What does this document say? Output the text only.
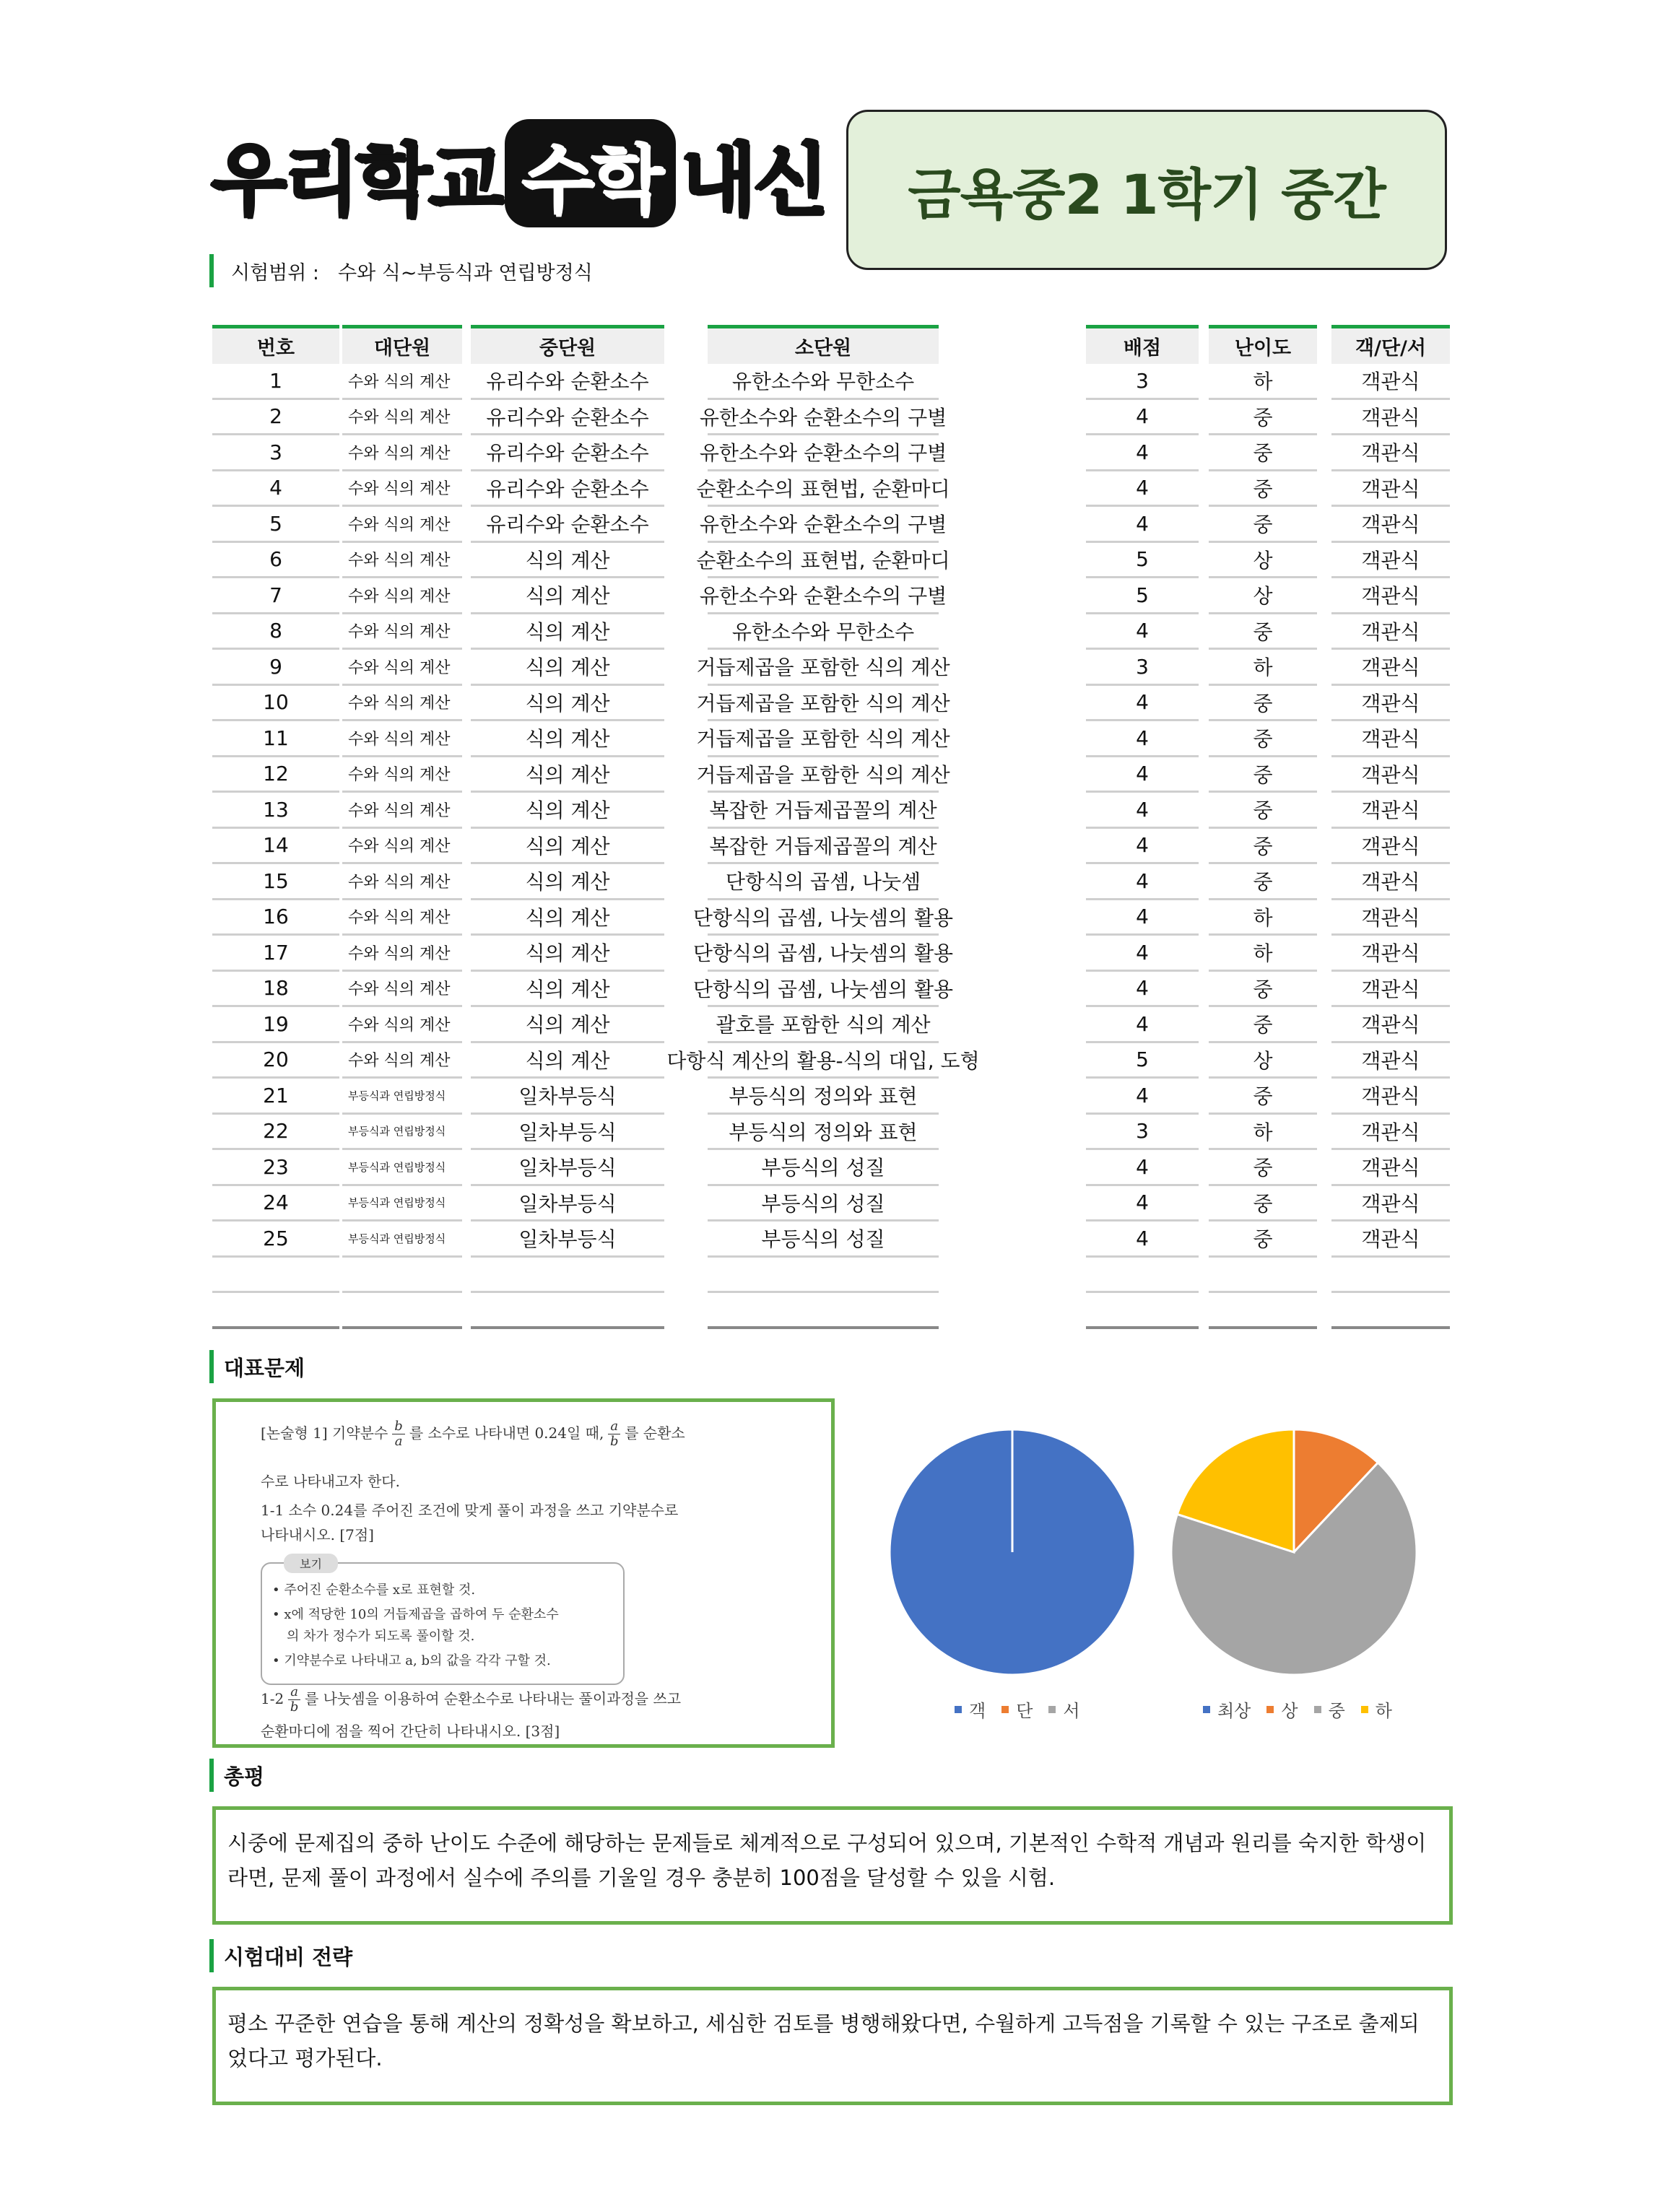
우리학교 수학 내신 금욕중2 1학기 중간
시험범위 : 수와 식~부등식과 연립방정식
번호	대단원	중단원	소단원	배점	난이도	객/단/서
1	수와 식의 계산	유리수와 순환소수	유한소수와 무한소수	3	하	객관식
2	수와 식의 계산	유리수와 순환소수	유한소수와 순환소수의 구별	4	중	객관식
3	수와 식의 계산	유리수와 순환소수	유한소수와 순환소수의 구별	4	중	객관식
4	수와 식의 계산	유리수와 순환소수	순환소수의 표현법, 순환마디	4	중	객관식
5	수와 식의 계산	유리수와 순환소수	유한소수와 순환소수의 구별	4	중	객관식
6	수와 식의 계산	식의 계산	순환소수의 표현법, 순환마디	5	상	객관식
7	수와 식의 계산	식의 계산	유한소수와 순환소수의 구별	5	상	객관식
8	수와 식의 계산	식의 계산	유한소수와 무한소수	4	중	객관식
9	수와 식의 계산	식의 계산	거듭제곱을 포함한 식의 계산	3	하	객관식
10	수와 식의 계산	식의 계산	거듭제곱을 포함한 식의 계산	4	중	객관식
11	수와 식의 계산	식의 계산	거듭제곱을 포함한 식의 계산	4	중	객관식
12	수와 식의 계산	식의 계산	거듭제곱을 포함한 식의 계산	4	중	객관식
13	수와 식의 계산	식의 계산	복잡한 거듭제곱꼴의 계산	4	중	객관식
14	수와 식의 계산	식의 계산	복잡한 거듭제곱꼴의 계산	4	중	객관식
15	수와 식의 계산	식의 계산	단항식의 곱셈, 나눗셈	4	중	객관식
16	수와 식의 계산	식의 계산	단항식의 곱셈, 나눗셈의 활용	4	하	객관식
17	수와 식의 계산	식의 계산	단항식의 곱셈, 나눗셈의 활용	4	하	객관식
18	수와 식의 계산	식의 계산	단항식의 곱셈, 나눗셈의 활용	4	중	객관식
19	수와 식의 계산	식의 계산	괄호를 포함한 식의 계산	4	중	객관식
20	수와 식의 계산	식의 계산	다항식 계산의 활용-식의 대입, 도형	5	상	객관식
21	부등식과 연립방정식	일차부등식	부등식의 정의와 표현	4	중	객관식
22	부등식과 연립방정식	일차부등식	부등식의 정의와 표현	3	하	객관식
23	부등식과 연립방정식	일차부등식	부등식의 성질	4	중	객관식
24	부등식과 연립방정식	일차부등식	부등식의 성질	4	중	객관식
25	부등식과 연립방정식	일차부등식	부등식의 성질	4	중	객관식
대표문제
[논술형 1] 기약분수 $\frac{b}{a}$ 를 소수로 나타내면 0.24̇일 때, $\frac{a}{b}$ 를 순환소
수로 나타내고자 한다.
1-1 소수 0.24̇를 주어진 조건에 맞게 풀이 과정을 쓰고 기약분수로
나타내시오. [7점]
보기
• 주어진 순환소수를 x로 표현할 것.
• x에 적당한 10의 거듭제곱을 곱하여 두 순환소수
의 차가 정수가 되도록 풀이할 것.
• 기약분수로 나타내고 a, b의 값을 각각 구할 것.
$1-2 \frac{a}{b}$ 를 나눗셈을 이용하여 순환소수로 나타내는 풀이과정을 쓰고
순환마디에 점을 찍어 간단히 나타내시오. [3점]
객 단 서	최상 상 중 하
총평
시중에 문제집의 중하 난이도 수준에 해당하는 문제들로 체계적으로 구성되어 있으며, 기본적인 수학적 개념과 원리를 숙지한 학생이라면, 문제 풀이 과정에서 실수에 주의를 기울일 경우 충분히 100점을 달성할 수 있을 시험.
시험대비 전략
평소 꾸준한 연습을 통해 계산의 정확성을 확보하고, 세심한 검토를 병행해왔다면, 수월하게 고득점을 기록할 수 있는 구조로 출제되었다고 평가된다.
